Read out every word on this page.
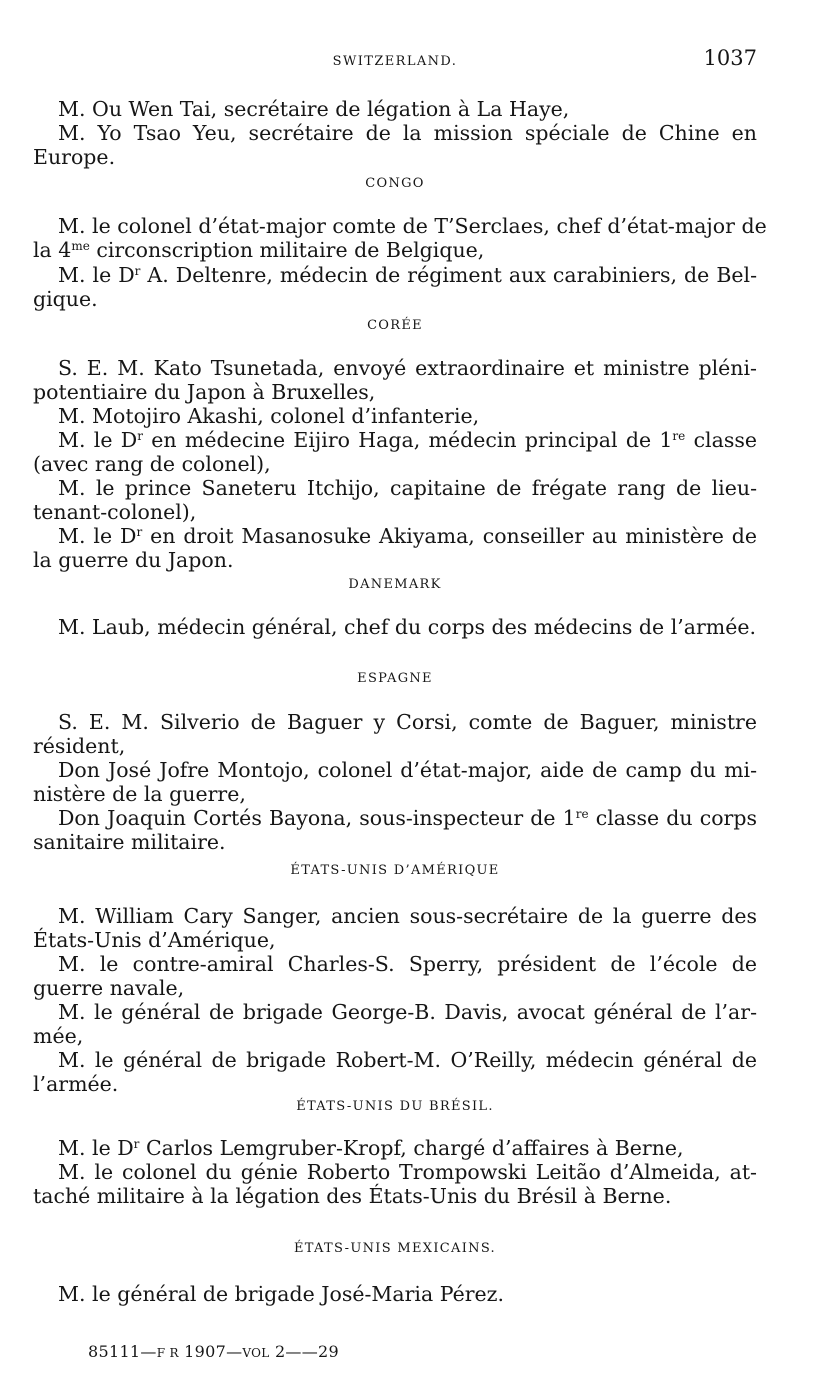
SWITZERLAND.	1037
M. Ou Wen Tai, secrétaire de légation à La Haye,
M. Yo Tsao Yeu, secrétaire de la mission spéciale de Chine en
Europe.
CONGO
M. le colonel d’état-major comte de T’Serclaes, chef d’état-major de
la $4^{me}$ circonscription militaire de Belgique,
M. le $D^r$ A. Deltenre, médecin de régiment aux carabiniers, de Bel-
gique.
CORÉE
S. E. M. Kato Tsunetada, envoyé extraordinaire et ministre pléni-
potentiaire du Japon à Bruxelles,
M. Motojiro Akashi, colonel d’infanterie,
M. le $D^r$ en médecine Eijiro Haga, médecin principal de 1re classe
(avec rang de colonel),
M. le prince Saneteru Itchijo, capitaine de frégate rang de lieu-
tenant-colonel),
M. le $D^r$ en droit Masanosuke Akiyama, conseiller au ministère de
la guerre du Japon.
DANEMARK
M. Laub, médecin général, chef du corps des médecins de l’armée.
ESPAGNE
S. E. M. Silverio de Baguer y Corsi, comte de Baguer, ministre
résident,
Don José Jofre Montojo, colonel d’état-major, aide de camp du mi-
nistère de la guerre,
Don Joaquin Cortés Bayona, sous-inspecteur de 1re classe du corps
sanitaire militaire.
ÉTATS-UNIS D’AMÉRIQUE
M. William Cary Sanger, ancien sous-secrétaire de la guerre des
États-Unis d’Amérique,
M. le contre-amiral Charles-S. Sperry, président de l’école de
guerre navale,
M. le général de brigade George-B. Davis, avocat général de l’ar-
mée,
M. le général de brigade Robert-M. O’Reilly, médecin général de
l’armée.
ÉTATS-UNIS DU BRÉSIL.
M. le $D^r$ Carlos Lemgruber-Kropf, chargé d’affaires à Berne,
M. le colonel du génie Roberto Trompowski Leitão d’Almeida, at-
taché militaire à la légation des États-Unis du Brésil à Berne.
ÉTATS-UNIS MEXICAINS.
M. le général de brigade José-Maria Pérez.
85111—F R 1907—VOL 2——29
